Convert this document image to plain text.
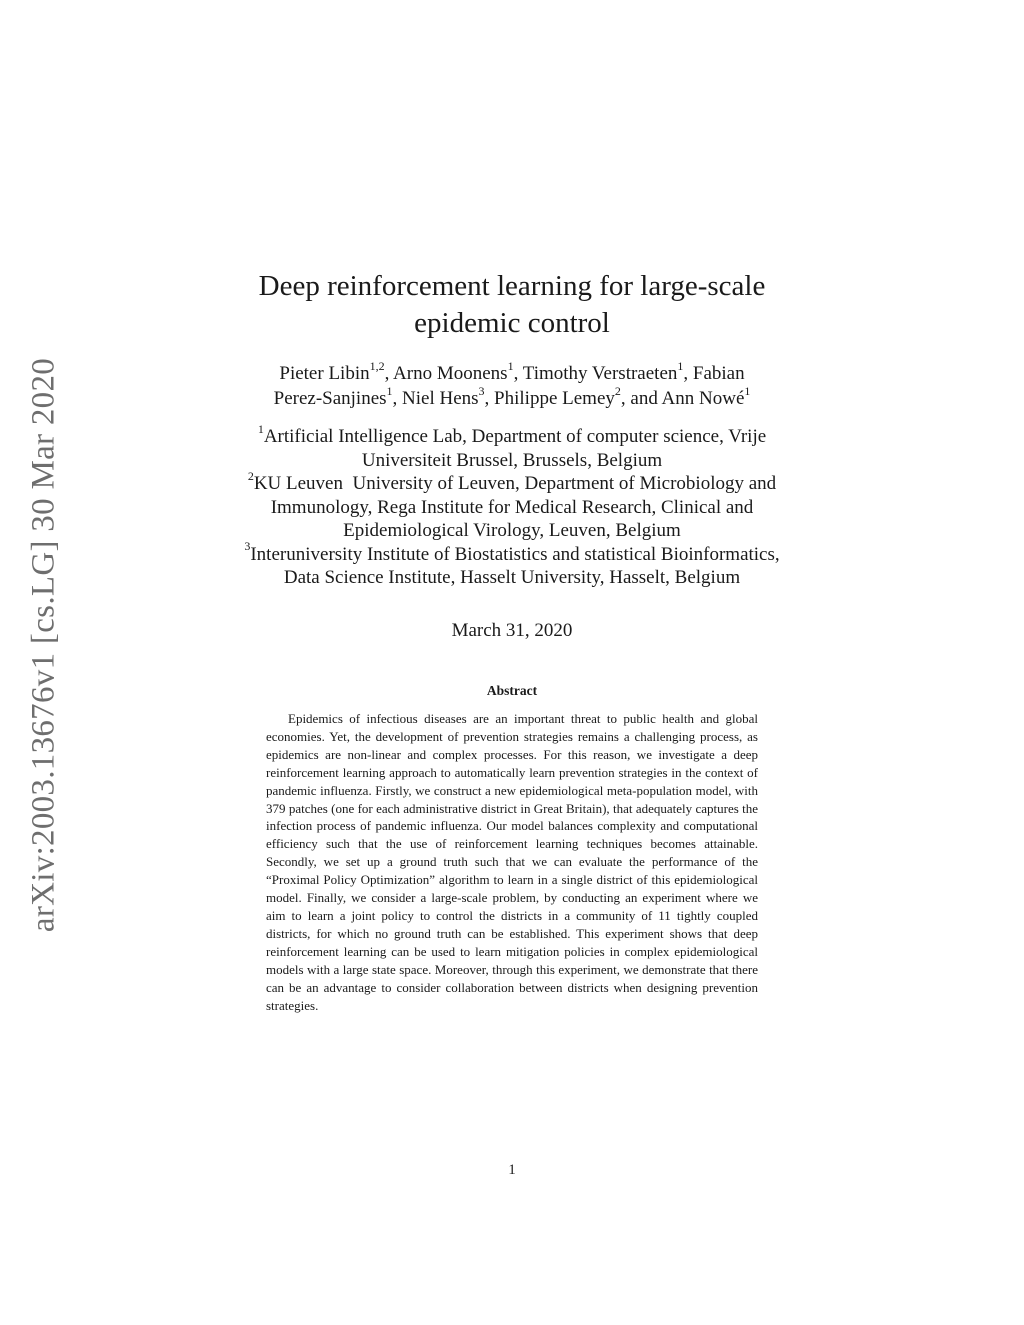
arXiv:2003.13676v1 [cs.LG] 30 Mar 2020
Deep reinforcement learning for large-scale
epidemic control
Pieter Libin$^{1,2}$, Arno Moonens$^1$, Timothy Verstraeten$^1$, Fabian
Perez-Sanjines$^1$, Niel Hens$^3$, Philippe Lemey$^2$, and Ann Nowé$^1$
$^1$Artificial Intelligence Lab, Department of computer science, Vrije
Universiteit Brussel, Brussels, Belgium
$^2$KU Leuven  University of Leuven, Department of Microbiology and
Immunology, Rega Institute for Medical Research, Clinical and
Epidemiological Virology, Leuven, Belgium
$^3$Interuniversity Institute of Biostatistics and statistical Bioinformatics,
Data Science Institute, Hasselt University, Hasselt, Belgium
March 31, 2020
Abstract

Epidemics of infectious diseases are an important threat to public health and global economies. Yet, the development of prevention strategies remains a challenging process, as epidemics are non-linear and complex processes. For this reason, we investigate a deep reinforcement learning approach to automatically learn prevention strategies in the context of pandemic influenza. Firstly, we construct a new epidemiological meta-population model, with 379 patches (one for each administrative district in Great Britain), that adequately captures the infection process of pandemic influenza. Our model balances complexity and computational efficiency such that the use of reinforcement learning techniques becomes attainable. Secondly, we set up a ground truth such that we can evaluate the performance of the “Proximal Policy Optimization” algorithm to learn in a single district of this epidemiological model. Finally, we consider a large-scale problem, by conducting an experiment where we aim to learn a joint policy to control the districts in a community of 11 tightly coupled districts, for which no ground truth can be established. This experiment shows that deep reinforcement learning can be used to learn mitigation policies in complex epidemiological models with a large state space. Moreover, through this experiment, we demonstrate that there can be an advantage to consider collaboration between districts when designing prevention strategies.

1
